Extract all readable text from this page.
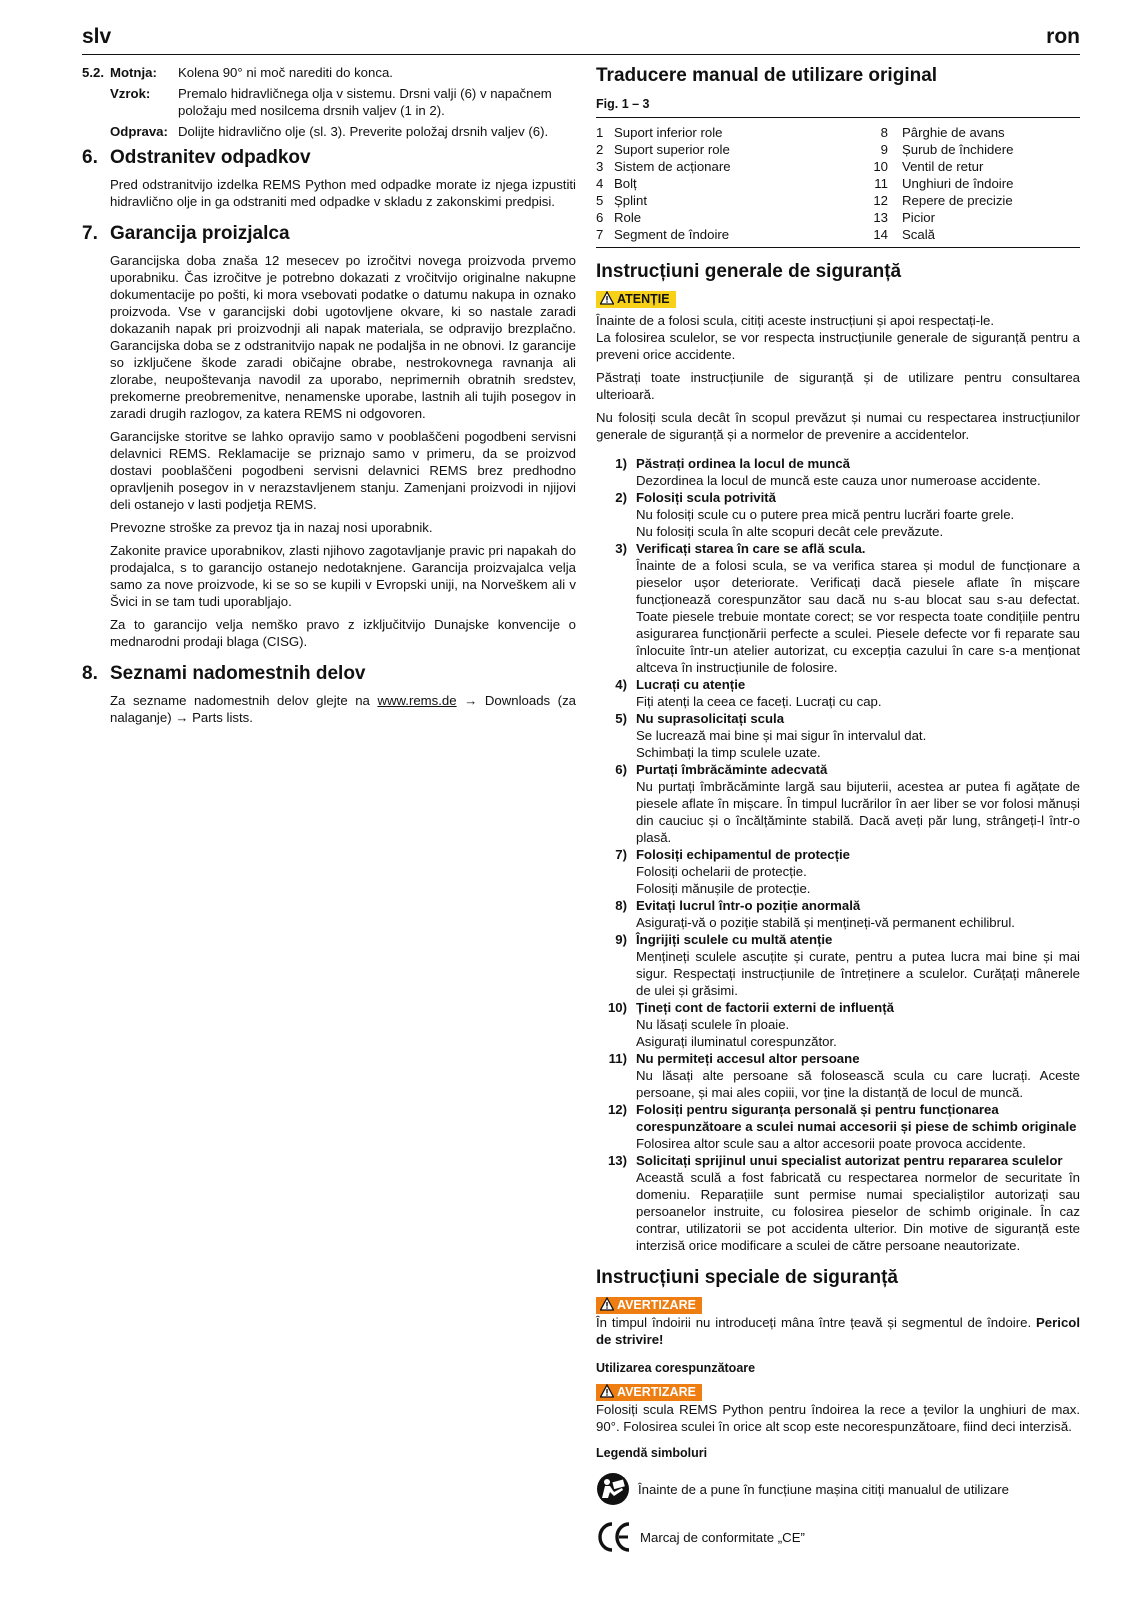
slv	ron
5.2. Motnja:	Kolena 90° ni moč narediti do konca.
Vzrok:	Premalo hidravličnega olja v sistemu. Drsni valji (6) v napačnem položaju med nosilcema drsnih valjev (1 in 2).
Odprava: Dolijte hidravlično olje (sl. 3). Preverite položaj drsnih valjev (6).
6. Odstranitev odpadkov

Pred odstranitvijo izdelka REMS Python med odpadke morate iz njega izpustiti hidravlično olje in ga odstraniti med odpadke v skladu z zakonskimi predpisi.

7. Garancija proizjalca

Garancijska doba znaša 12 mesecev po izročitvi novega proizvoda prvemo uporabniku. Čas izročitve je potrebno dokazati z vročitvijo originalne nakupne dokumentacije po pošti, ki mora vsebovati podatke o datumu nakupa in oznako proizvoda. Vse v garancijski dobi ugotovljene okvare, ki so nastale zaradi dokazanih napak pri proizvodnji ali napak materiala, se odpravijo brezplačno. Garancijska doba se z odstranitvijo napak ne podaljša in ne obnovi. Iz garancije so izključene škode zaradi običajne obrabe, nestrokovnega ravnanja ali zlorabe, neupoštevanja navodil za uporabo, neprimernih obratnih sredstev, prekomerne preobremenitve, nenamenske uporabe, lastnih ali tujih posegov in zaradi drugih razlogov, za katera REMS ni odgovoren.

Garancijske storitve se lahko opravijo samo v pooblaščeni pogodbeni servisni delavnici REMS. Reklamacije se priznajo samo v primeru, da se proizvod dostavi pooblaščeni pogodbeni servisni delavnici REMS brez predhodno opravljenih posegov in v nerazstavljenem stanju. Zamenjani proizvodi in njijovi deli ostanejo v lasti podjetja REMS.

Prevozne stroške za prevoz tja in nazaj nosi uporabnik.

Zakonite pravice uporabnikov, zlasti njihovo zagotavljanje pravic pri napakah do prodajalca, s to garancijo ostanejo nedotaknjene. Garancija proizvajalca velja samo za nove proizvode, ki se so se kupili v Evropski uniji, na Norveškem ali v Švici in se tam tudi uporabljajo.

Za to garancijo velja nemško pravo z izključitvijo Dunajske konvencije o mednarodni prodaji blaga (CISG).

8. Seznami nadomestnih delov

Za sezname nadomestnih delov glejte na www.rems.de → Downloads (za nalaganje) → Parts lists.

Traducere manual de utilizare original
Fig. 1 – 3
1 Suport inferior role
2 Suport superior role
3 Sistem de acționare
4 Bolț
5 Șplint
6 Role
7 Segment de îndoire
8	Pârghie de avans
9	Șurub de închidere
10	Ventil de retur
11	Unghiuri de îndoire
12	Repere de precizie
13	Picior
14	Scală
Instrucțiuni generale de siguranță
ATENȚIE

Înainte de a folosi scula, citiți aceste instrucțiuni și apoi respectați-le.

La folosirea sculelor, se vor respecta instrucțiunile generale de siguranță pentru a preveni orice accidente.

Păstrați toate instrucțiunile de siguranță și de utilizare pentru consultarea ulterioară.

Nu folosiți scula decât în scopul prevăzut și numai cu respectarea instrucțiunilor generale de siguranță și a normelor de prevenire a accidentelor.

1) Păstrați ordinea la locul de muncă
Dezordinea la locul de muncă este cauza unor numeroase accidente.
2) Folosiți scula potrivită
Nu folosiți scule cu o putere prea mică pentru lucrări foarte grele.
Nu folosiți scula în alte scopuri decât cele prevăzute.
3) Verificați starea în care se află scula.
Înainte de a folosi scula, se va verifica starea și modul de funcționare a pieselor ușor deteriorate. Verificați dacă piesele aflate în mișcare funcționează corespunzător sau dacă nu s-au blocat sau s-au defectat. Toate piesele trebuie montate corect; se vor respecta toate condițiile pentru asigurarea funcționării perfecte a sculei. Piesele defecte vor fi reparate sau înlocuite într-un atelier autorizat, cu excepția cazului în care s-a menționat altceva în instrucțiunile de folosire.
4) Lucrați cu atenție
Fiți atenți la ceea ce faceți. Lucrați cu cap.
5) Nu suprasolicitați scula
Se lucrează mai bine și mai sigur în intervalul dat.
Schimbați la timp sculele uzate.
6) Purtați îmbrăcăminte adecvată
Nu purtați îmbrăcăminte largă sau bijuterii, acestea ar putea fi agățate de piesele aflate în mișcare. În timpul lucrărilor în aer liber se vor folosi mănuși din cauciuc și o încălțăminte stabilă. Dacă aveți păr lung, strângeți-l într-o plasă.
7) Folosiți echipamentul de protecție
Folosiți ochelarii de protecție.
Folosiți mănușile de protecție.
8) Evitați lucrul într-o poziție anormală
Asigurați-vă o poziție stabilă și mențineți-vă permanent echilibrul.
9) Îngrijiți sculele cu multă atenție
Mențineți sculele ascuțite și curate, pentru a putea lucra mai bine și mai sigur. Respectați instrucțiunile de întreținere a sculelor. Curățați mânerele de ulei și grăsimi.
10) Țineți cont de factorii externi de influență
Nu lăsați sculele în ploaie.
Asigurați iluminatul corespunzător.
11) Nu permiteți accesul altor persoane
Nu lăsați alte persoane să folosească scula cu care lucrați. Aceste persoane, și mai ales copiii, vor ține la distanță de locul de muncă.
12) Folosiți pentru siguranța personală și pentru funcționarea corespunzătoare a sculei numai accesorii și piese de schimb originale
Folosirea altor scule sau a altor accesorii poate provoca accidente.
13) Solicitați sprijinul unui specialist autorizat pentru repararea sculelor
Această sculă a fost fabricată cu respectarea normelor de securitate în domeniu. Reparațiile sunt permise numai specialiștilor autorizați sau persoanelor instruite, cu folosirea pieselor de schimb originale. În caz contrar, utilizatorii se pot accidenta ulterior. Din motive de siguranță este interzisă orice modificare a sculei de către persoane neautorizate.
Instrucțiuni speciale de siguranță
AVERTIZARE

În timpul îndoirii nu introduceți mâna între țeavă și segmentul de îndoire. Pericol de strivire!

Utilizarea corespunzătoare
AVERTIZARE

Folosiți scula REMS Python pentru îndoirea la rece a țevilor la unghiuri de max. 90°. Folosirea sculei în orice alt scop este necorespunzătoare, fiind deci interzisă.

Legendă simboluri
Înainte de a pune în funcțiune mașina citiți manualul de utilizare
Marcaj de conformitate „CE”
